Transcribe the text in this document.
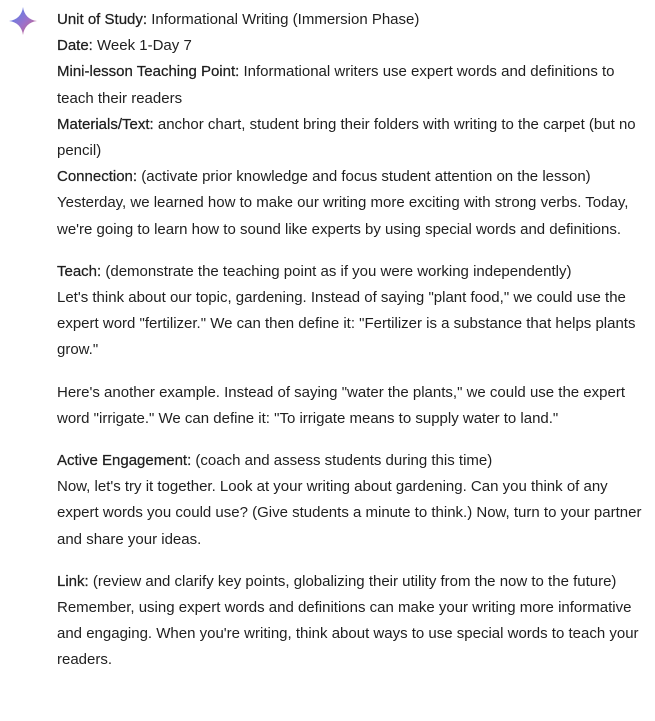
Unit of Study: Informational Writing (Immersion Phase)
Date: Week 1-Day 7
Mini-lesson Teaching Point: Informational writers use expert words and definitions to teach their readers
Materials/Text: anchor chart, student bring their folders with writing to the carpet (but no pencil)
Connection: (activate prior knowledge and focus student attention on the lesson)
Yesterday, we learned how to make our writing more exciting with strong verbs. Today, we're going to learn how to sound like experts by using special words and definitions.
Teach: (demonstrate the teaching point as if you were working independently)
Let's think about our topic, gardening. Instead of saying "plant food," we could use the expert word "fertilizer." We can then define it: "Fertilizer is a substance that helps plants grow."
Here's another example. Instead of saying "water the plants," we could use the expert word "irrigate." We can define it: "To irrigate means to supply water to land."
Active Engagement: (coach and assess students during this time)
Now, let's try it together. Look at your writing about gardening. Can you think of any expert words you could use? (Give students a minute to think.) Now, turn to your partner and share your ideas.
Link: (review and clarify key points, globalizing their utility from the now to the future)
Remember, using expert words and definitions can make your writing more informative and engaging. When you're writing, think about ways to use special words to teach your readers.
